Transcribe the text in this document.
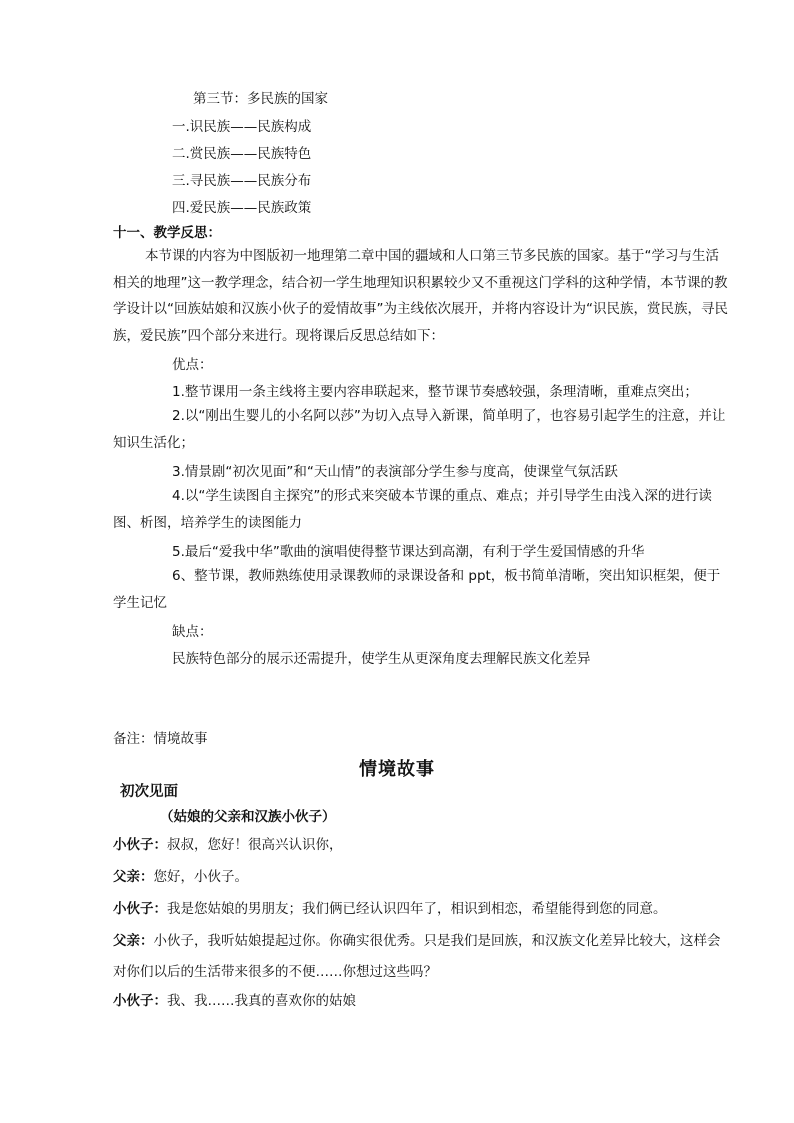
第三节：多民族的国家
一.识民族——民族构成
二.赏民族——民族特色
三.寻民族——民族分布
四.爱民族——民族政策
十一、教学反思：
本节课的内容为中图版初一地理第二章中国的疆域和人口第三节多民族的国家。基于“学习与生活相关的地理”这一教学理念，结合初一学生地理知识积累较少又不重视这门学科的这种学情，本节课的教学设计以“回族姑娘和汉族小伙子的爱情故事”为主线依次展开，并将内容设计为“识民族，赏民族，寻民族，爱民族”四个部分来进行。现将课后反思总结如下：
优点：
1.整节课用一条主线将主要内容串联起来，整节课节奏感较强，条理清晰，重难点突出；
2.以“刚出生婴儿的小名阿以莎”为切入点导入新课，简单明了，也容易引起学生的注意，并让知识生活化；
3.情景剧“初次见面”和“天山情”的表演部分学生参与度高，使课堂气氛活跃
4.以“学生读图自主探究”的形式来突破本节课的重点、难点；并引导学生由浅入深的进行读图、析图，培养学生的读图能力
5.最后“爱我中华”歌曲的演唱使得整节课达到高潮，有利于学生爱国情感的升华
6、整节课，教师熟练使用录课教师的录课设备和 ppt，板书简单清晰，突出知识框架，便于学生记忆
缺点：
民族特色部分的展示还需提升，使学生从更深角度去理解民族文化差异
备注：情境故事
情境故事
初次见面
（姑娘的父亲和汉族小伙子）
小伙子：叔叔，您好！很高兴认识你，
父亲：您好，小伙子。
小伙子：我是您姑娘的男朋友；我们俩已经认识四年了，相识到相恋，希望能得到您的同意。
父亲：小伙子，我听姑娘提起过你。你确实很优秀。只是我们是回族，和汉族文化差异比较大，这样会对你们以后的生活带来很多的不便……你想过这些吗？
小伙子：我、我……我真的喜欢你的姑娘
